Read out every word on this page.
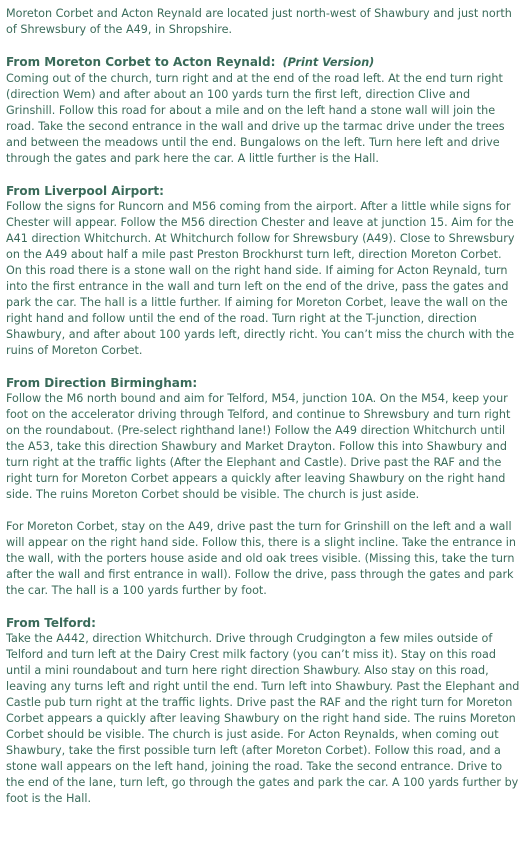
Moreton Corbet and Acton Reynald are located just north-west of Shawbury and just north of Shrewsbury of the A49, in Shropshire.

From Moreton Corbet to Acton Reynald: (Print Version)

Coming out of the church, turn right and at the end of the road left. At the end turn right (direction Wem) and after about an 100 yards turn the first left, direction Clive and Grinshill. Follow this road for about a mile and on the left hand a stone wall will join the road. Take the second entrance in the wall and drive up the tarmac drive under the trees and between the meadows until the end. Bungalows on the left. Turn here left and drive through the gates and park here the car. A little further is the Hall.

From Liverpool Airport:

Follow the signs for Runcorn and M56 coming from the airport. After a little while signs for Chester will appear. Follow the M56 direction Chester and leave at junction 15. Aim for the A41 direction Whitchurch. At Whitchurch follow for Shrewsbury (A49). Close to Shrewsbury on the A49 about half a mile past Preston Brockhurst turn left, direction Moreton Corbet. On this road there is a stone wall on the right hand side. If aiming for Acton Reynald, turn into the first entrance in the wall and turn left on the end of the drive, pass the gates and park the car. The hall is a little further. If aiming for Moreton Corbet, leave the wall on the right hand and follow until the end of the road. Turn right at the T-junction, direction Shawbury, and after about 100 yards left, directly richt. You can’t miss the church with the ruins of Moreton Corbet.

From Direction Birmingham:

Follow the M6 north bound and aim for Telford, M54, junction 10A. On the M54, keep your foot on the accelerator driving through Telford, and continue to Shrewsbury and turn right on the roundabout. (Pre-select righthand lane!) Follow the A49 direction Whitchurch until the A53, take this direction Shawbury and Market Drayton. Follow this into Shawbury and turn right at the traffic lights (After the Elephant and Castle). Drive past the RAF and the right turn for Moreton Corbet appears a quickly after leaving Shawbury on the right hand side. The ruins Moreton Corbet should be visible. The church is just aside.

For Moreton Corbet, stay on the A49, drive past the turn for Grinshill on the left and a wall will appear on the right hand side. Follow this, there is a slight incline. Take the entrance in the wall, with the porters house aside and old oak trees visible. (Missing this, take the turn after the wall and first entrance in wall). Follow the drive, pass through the gates and park the car. The hall is a 100 yards further by foot.

From Telford:

Take the A442, direction Whitchurch. Drive through Crudgington a few miles outside of Telford and turn left at the Dairy Crest milk factory (you can’t miss it). Stay on this road until a mini roundabout and turn here right direction Shawbury. Also stay on this road, leaving any turns left and right until the end. Turn left into Shawbury. Past the Elephant and Castle pub turn right at the traffic lights. Drive past the RAF and the right turn for Moreton Corbet appears a quickly after leaving Shawbury on the right hand side. The ruins Moreton Corbet should be visible. The church is just aside. For Acton Reynalds, when coming out Shawbury, take the first possible turn left (after Moreton Corbet). Follow this road, and a stone wall appears on the left hand, joining the road. Take the second entrance. Drive to the end of the lane, turn left, go through the gates and park the car. A 100 yards further by foot is the Hall.
